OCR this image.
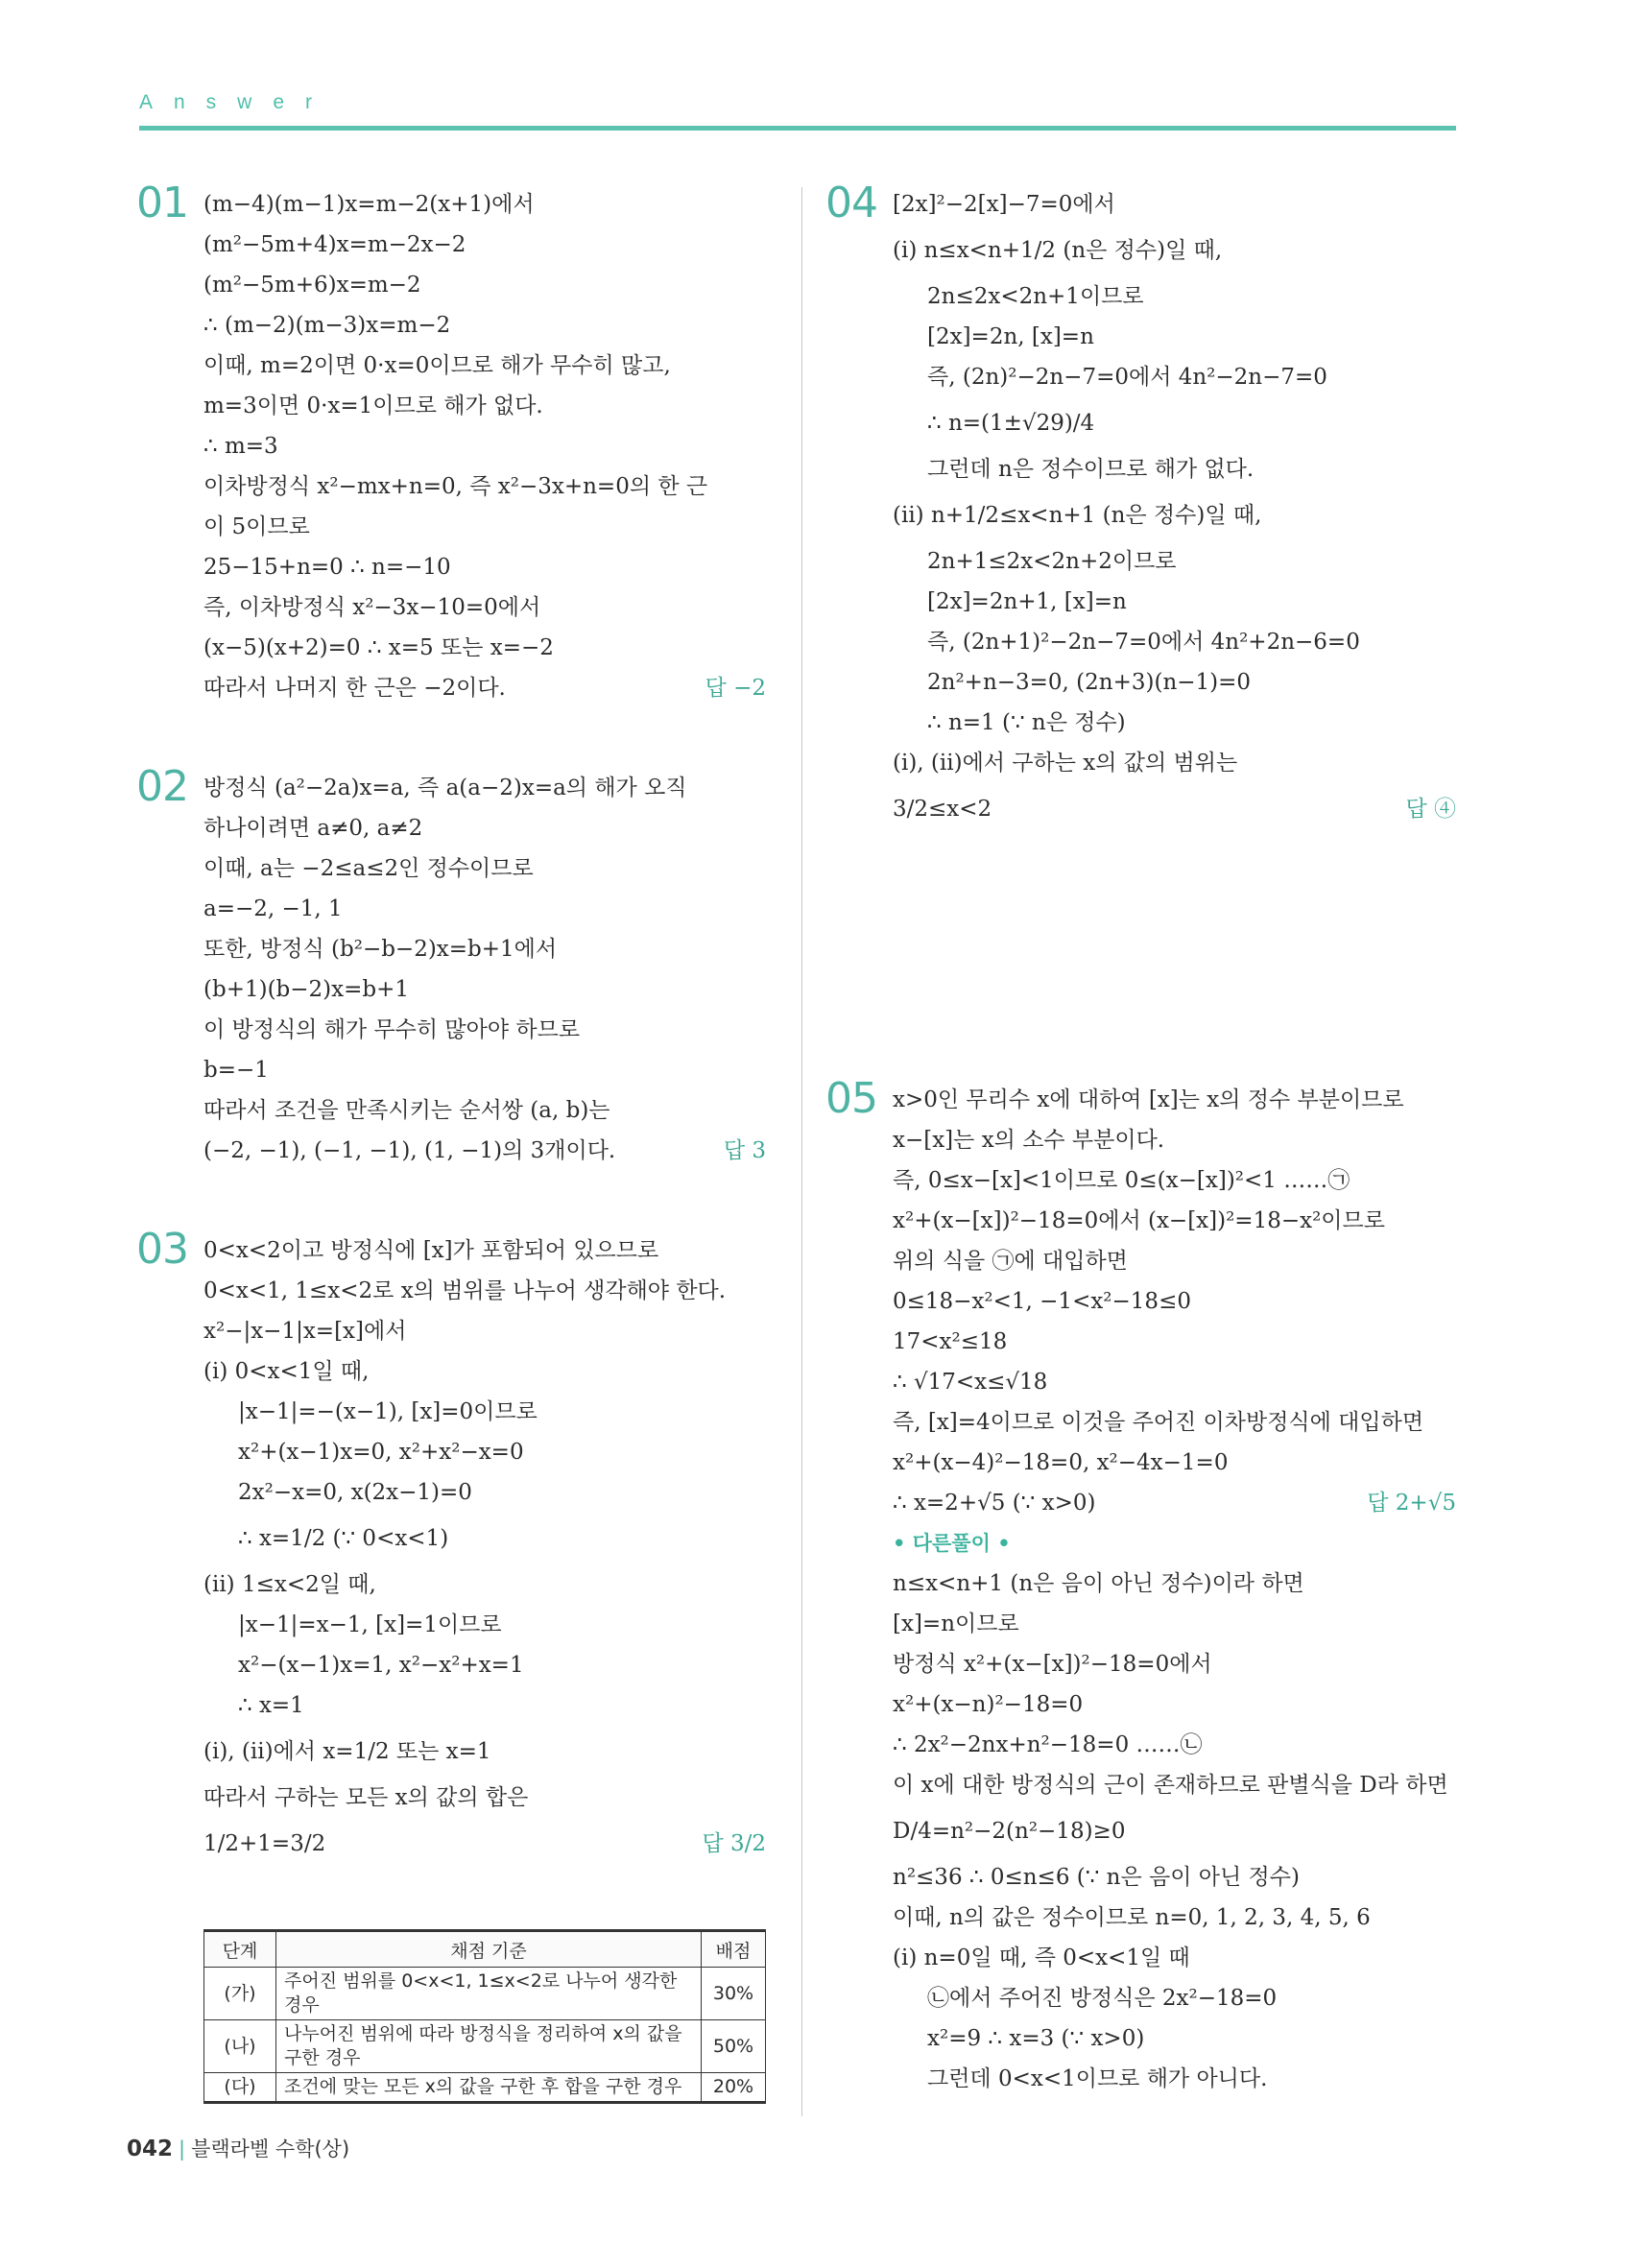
Answer
01 (m−4)(m−1)x=m−2(x+1)에서
(m²−5m+4)x=m−2x−2
(m²−5m+6)x=m−2
∴ (m−2)(m−3)x=m−2
이때, m=2이면 0·x=0이므로 해가 무수히 많고,
m=3이면 0·x=1이므로 해가 없다.
∴ m=3
이차방정식 x²−mx+n=0, 즉 x²−3x+n=0의 한 근
이 5이므로
25−15+n=0 ∴ n=−10
즉, 이차방정식 x²−3x−10=0에서
(x−5)(x+2)=0 ∴ x=5 또는 x=−2
따라서 나머지 한 근은 −2이다.	답 −2
02 방정식 (a²−2a)x=a, 즉 a(a−2)x=a의 해가 오직
하나이려면 a≠0, a≠2
이때, a는 −2≤a≤2인 정수이므로
a=−2, −1, 1
또한, 방정식 (b²−b−2)x=b+1에서
(b+1)(b−2)x=b+1
이 방정식의 해가 무수히 많아야 하므로
b=−1
따라서 조건을 만족시키는 순서쌍 (a, b)는
(−2, −1), (−1, −1), (1, −1)의 3개이다.	답 3
03 0<x<2이고 방정식에 [x]가 포함되어 있으므로
0<x<1, 1≤x<2로 x의 범위를 나누어 생각해야 한다.
x²−|x−1|x=[x]에서
(i) 0<x<1일 때,
|x−1|=−(x−1), [x]=0이므로
x²+(x−1)x=0, x²+x²−x=0
2x²−x=0, x(2x−1)=0
∴ x=1/2 (∵ 0<x<1)
(ii) 1≤x<2일 때,
|x−1|=x−1, [x]=1이므로
x²−(x−1)x=1, x²−x²+x=1
∴ x=1
(i), (ii)에서 x=1/2 또는 x=1
따라서 구하는 모든 x의 값의 합은
1/2+1=3/2	답 3/2
단계	채점 기준	배점
(가)	주어진 범위를 0<x<1, 1≤x<2로 나누어 생각한 경우	30%
(나)	나누어진 범위에 따라 방정식을 정리하여 x의 값을 구한 경우	50%
(다)	조건에 맞는 모든 x의 값을 구한 후 합을 구한 경우	20%
04 [2x]²−2[x]−7=0에서
(i) n≤x<n+1/2 (n은 정수)일 때,
2n≤2x<2n+1이므로
[2x]=2n, [x]=n
즉, (2n)²−2n−7=0에서 4n²−2n−7=0
∴ n=(1±√29)/4
그런데 n은 정수이므로 해가 없다.
(ii) n+1/2≤x<n+1 (n은 정수)일 때,
2n+1≤2x<2n+2이므로
[2x]=2n+1, [x]=n
즉, (2n+1)²−2n−7=0에서 4n²+2n−6=0
2n²+n−3=0, (2n+3)(n−1)=0
∴ n=1 (∵ n은 정수)
(i), (ii)에서 구하는 x의 값의 범위는
3/2≤x<2	답 ④
05 x>0인 무리수 x에 대하여 [x]는 x의 정수 부분이므로
x−[x]는 x의 소수 부분이다.
즉, 0≤x−[x]<1이므로 0≤(x−[x])²<1 ……㉠
x²+(x−[x])²−18=0에서 (x−[x])²=18−x²이므로
위의 식을 ㉠에 대입하면
0≤18−x²<1, −1<x²−18≤0
17<x²≤18
∴ √17<x≤√18
즉, [x]=4이므로 이것을 주어진 이차방정식에 대입하면
x²+(x−4)²−18=0, x²−4x−1=0
∴ x=2+√5 (∵ x>0)	답 2+√5
• 다른풀이 •
n≤x<n+1 (n은 음이 아닌 정수)이라 하면
[x]=n이므로
방정식 x²+(x−[x])²−18=0에서
x²+(x−n)²−18=0
∴ 2x²−2nx+n²−18=0 ……㉡
이 x에 대한 방정식의 근이 존재하므로 판별식을 D라 하면
D/4=n²−2(n²−18)≥0
n²≤36 ∴ 0≤n≤6 (∵ n은 음이 아닌 정수)
이때, n의 값은 정수이므로 n=0, 1, 2, 3, 4, 5, 6
(i) n=0일 때, 즉 0<x<1일 때
㉡에서 주어진 방정식은 2x²−18=0
x²=9 ∴ x=3 (∵ x>0)
그런데 0<x<1이므로 해가 아니다.
042 | 블랙라벨 수학(상)
